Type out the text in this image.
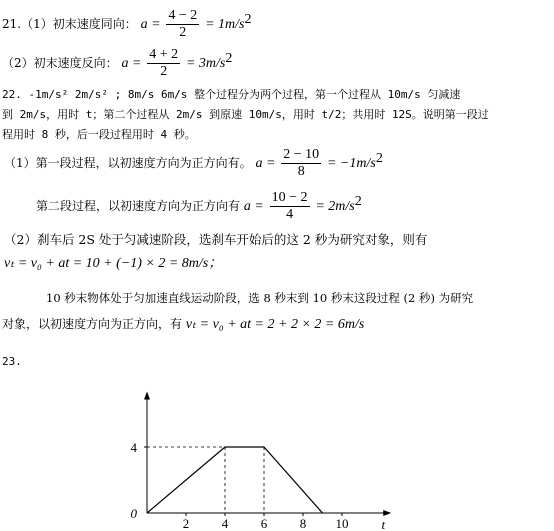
21.（1）初末速度同向： $a = \frac{4 - 2}{2} = 1m/s^2$
（2）初末速度反向： $a = \frac{4 + 2}{2} = 3m/s^2$
22. -1m/s² 2m/s² ; 8m/s 6m/s 整个过程分为两个过程，第一个过程从 10m/s 匀减速
到 2m/s，用时 t；第二个过程从 2m/s 到原速 10m/s，用时 t/2；共用时 12S。说明第一段过
程用时 8 秒，后一段过程用时 4 秒。
（1）第一段过程，以初速度方向为正方向有。 $a = \frac{2 - 10}{8} = -1m/s^2$
第二段过程，以初速度方向为正方向有 $a = \frac{10 - 2}{4} = 2m/s^2$
（2）刹车后 2S 处于匀减速阶段，选刹车开始后的这 2 秒为研究对象，则有
vₜ = v₀ + at = 10 + (−1) × 2 = 8m/s；
10 秒末物体处于匀加速直线运动阶段，选 8 秒末到 10 秒末这段过程 (2 秒) 为研究
对象，以初速度方向为正方向，有 vₜ = v₀ + at = 2 + 2 × 2 = 6m/s
23.
2	4	6	8 10
4
0
t
